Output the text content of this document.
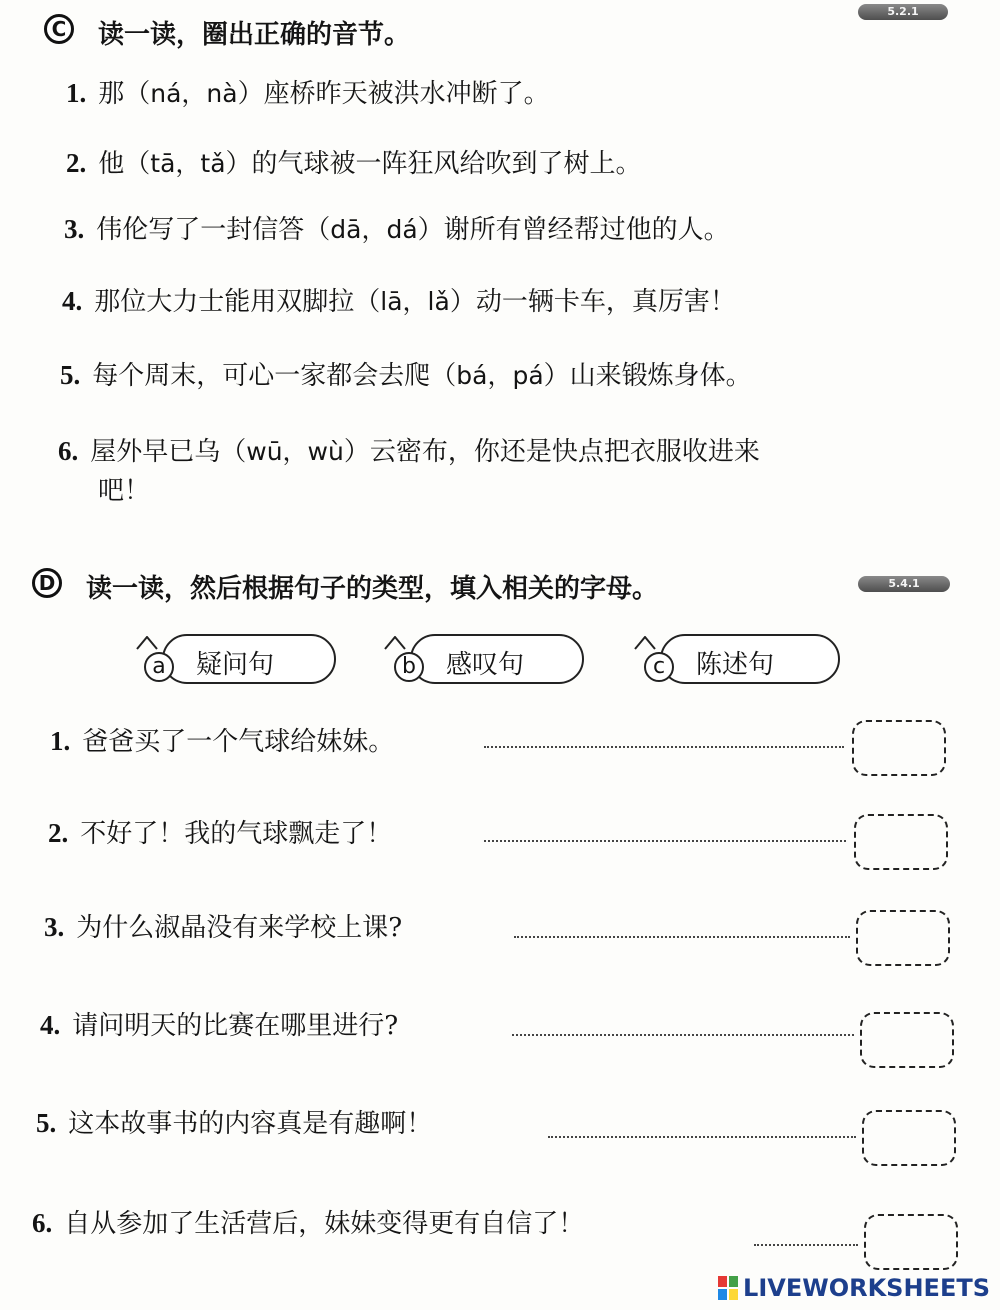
5.2.1
C 读一读，圈出正确的音节。
1. 那（ná，nà）座桥昨天被洪水冲断了。
2. 他（tā，tǎ）的气球被一阵狂风给吹到了树上。
3. 伟伦写了一封信答（dā，dá）谢所有曾经帮过他的人。
4. 那位大力士能用双脚拉（lā，lǎ）动一辆卡车，真厉害！
5. 每个周末，可心一家都会去爬（bá，pá）山来锻炼身体。
6. 屋外早已乌（wū，wù）云密布，你还是快点把衣服收进来
吧！
5.4.1
D 读一读，然后根据句子的类型，填入相关的字母。
a	疑问句	b	感叹句	c	陈述句
1. 爸爸买了一个气球给妹妹。
2. 不好了！我的气球飘走了！
3. 为什么淑晶没有来学校上课?
4. 请问明天的比赛在哪里进行?
5. 这本故事书的内容真是有趣啊！
6. 自从参加了生活营后，妹妹变得更有自信了！
LIVEWORKSHEETS
